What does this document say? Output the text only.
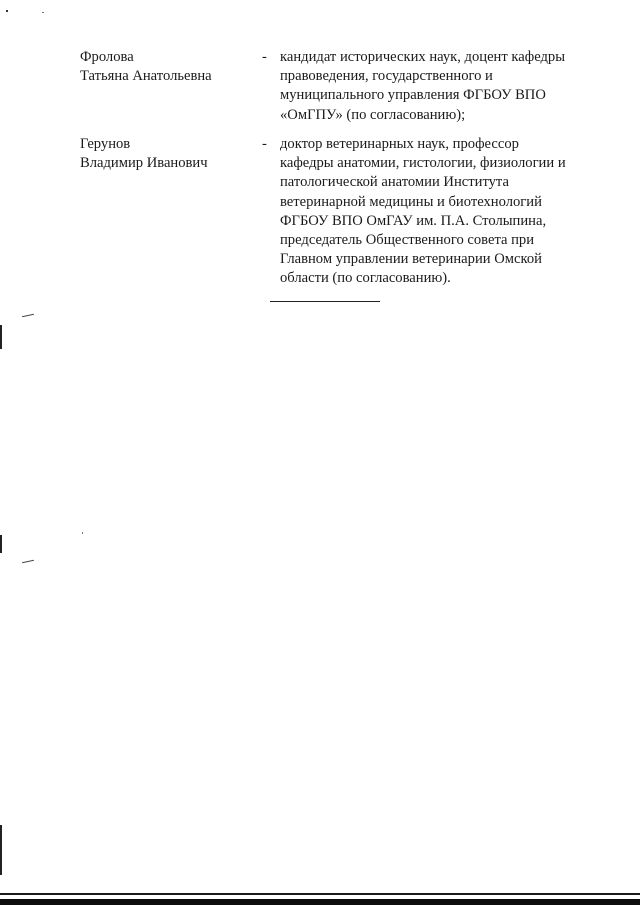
Фролова
Татьяна Анатольевна
- кандидат исторических наук, доцент кафедры
правоведения, государственного и
муниципального управления ФГБОУ ВПО
«ОмГПУ» (по согласованию);
Герунов
Владимир Иванович
- доктор ветеринарных наук, профессор
кафедры анатомии, гистологии, физиологии и
патологической анатомии Института
ветеринарной медицины и биотехнологий
ФГБОУ ВПО ОмГАУ им. П.А. Столыпина,
председатель Общественного совета при
Главном управлении ветеринарии Омской
области (по согласованию).
